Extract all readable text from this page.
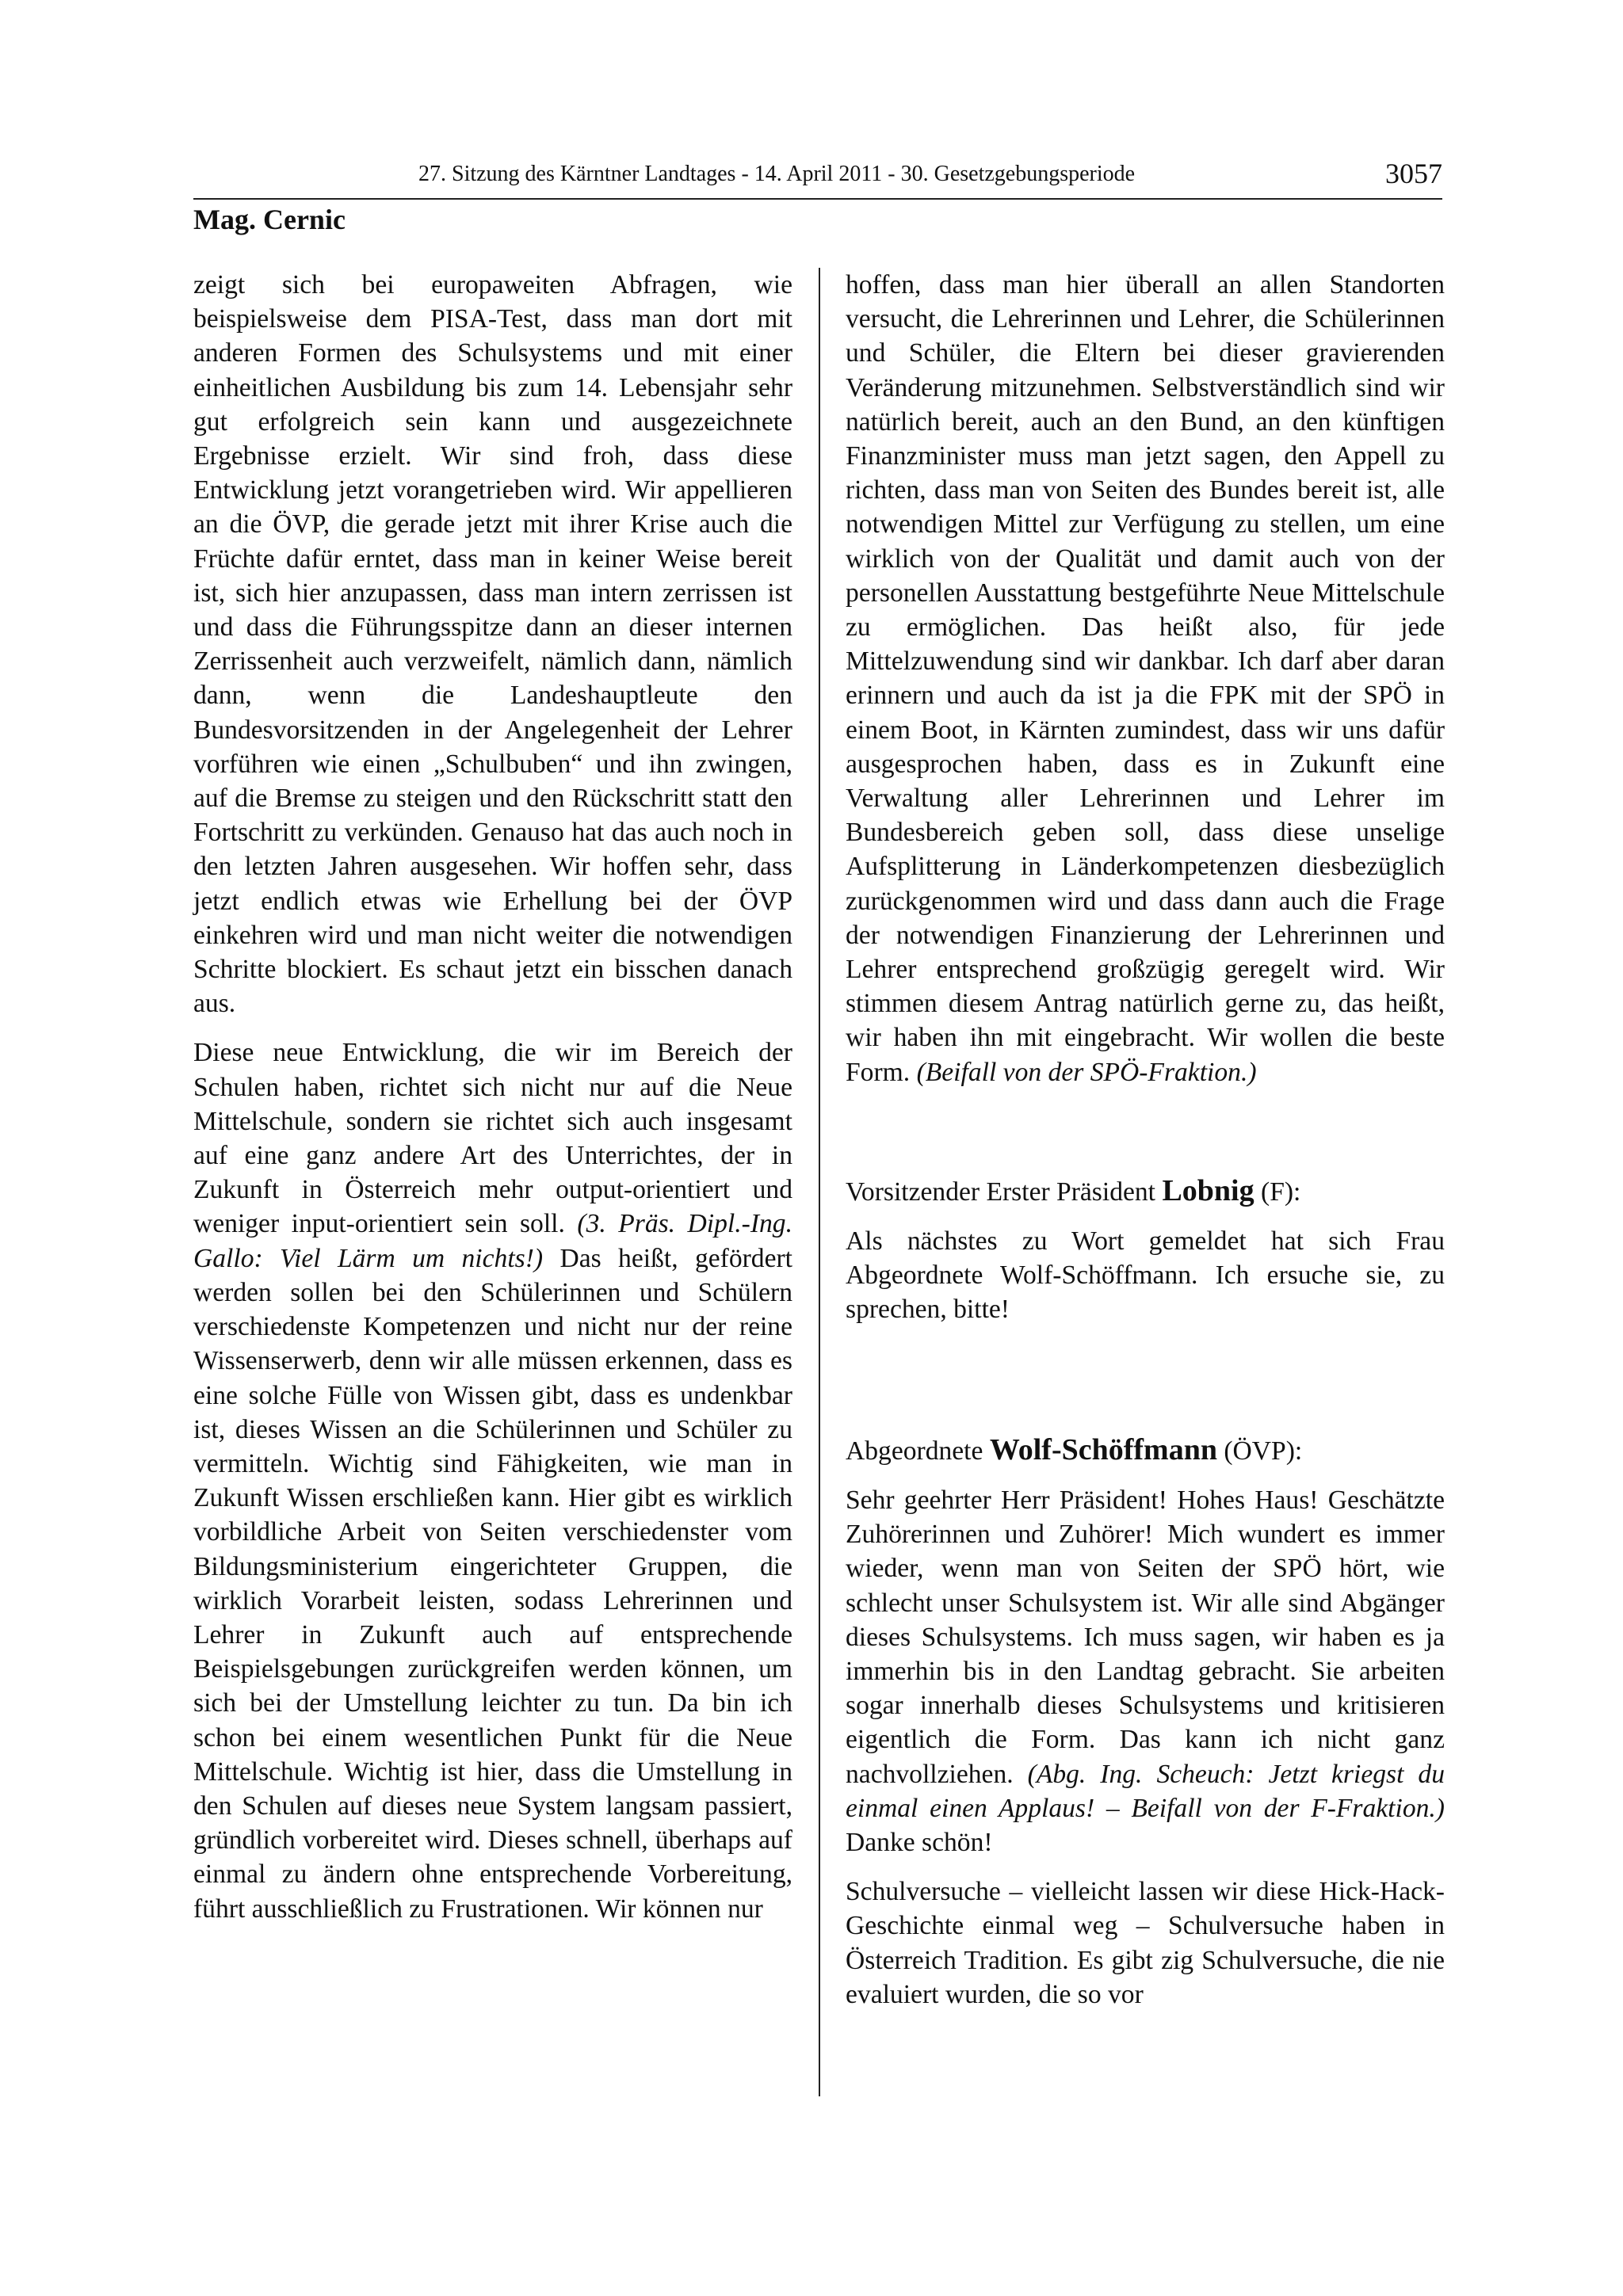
27. Sitzung des Kärntner Landtages - 14. April 2011 - 30. Gesetzgebungsperiode	3057
Mag. Cernic

zeigt sich bei europaweiten Abfragen, wie beispielsweise dem PISA-Test, dass man dort mit anderen Formen des Schulsystems und mit einer einheitlichen Ausbildung bis zum 14. Lebensjahr sehr gut erfolgreich sein kann und ausgezeichnete Ergebnisse erzielt. Wir sind froh, dass diese Entwicklung jetzt vorangetrieben wird. Wir appellieren an die ÖVP, die gerade jetzt mit ihrer Krise auch die Früchte dafür erntet, dass man in keiner Weise bereit ist, sich hier anzupassen, dass man intern zerrissen ist und dass die Führungsspitze dann an dieser internen Zerrissenheit auch verzweifelt, nämlich dann, nämlich dann, wenn die Landeshauptleute den Bundesvorsitzenden in der Angelegenheit der Lehrer vorführen wie einen „Schulbuben“ und ihn zwingen, auf die Bremse zu steigen und den Rückschritt statt den Fortschritt zu verkünden. Genauso hat das auch noch in den letzten Jahren ausgesehen. Wir hoffen sehr, dass jetzt endlich etwas wie Erhellung bei der ÖVP einkehren wird und man nicht weiter die notwendigen Schritte blockiert. Es schaut jetzt ein bisschen danach aus.

Diese neue Entwicklung, die wir im Bereich der Schulen haben, richtet sich nicht nur auf die Neue Mittelschule, sondern sie richtet sich auch insgesamt auf eine ganz andere Art des Unterrichtes, der in Zukunft in Österreich mehr output-orientiert und weniger input-orientiert sein soll. (3. Präs. Dipl.-Ing. Gallo: Viel Lärm um nichts!) Das heißt, gefördert werden sollen bei den Schülerinnen und Schülern verschiedenste Kompetenzen und nicht nur der reine Wissenserwerb, denn wir alle müssen erkennen, dass es eine solche Fülle von Wissen gibt, dass es undenkbar ist, dieses Wissen an die Schülerinnen und Schüler zu vermitteln. Wichtig sind Fähigkeiten, wie man in Zukunft Wissen erschließen kann. Hier gibt es wirklich vorbildliche Arbeit von Seiten verschiedenster vom Bildungsministerium eingerichteter Gruppen, die wirklich Vorarbeit leisten, sodass Lehrerinnen und Lehrer in Zukunft auch auf entsprechende Beispielsgebungen zurückgreifen werden können, um sich bei der Umstellung leichter zu tun. Da bin ich schon bei einem wesentlichen Punkt für die Neue Mittelschule. Wichtig ist hier, dass die Umstellung in den Schulen auf dieses neue System langsam passiert, gründlich vorbereitet wird. Dieses schnell, überhaps auf einmal zu ändern ohne entsprechende Vorbereitung, führt ausschließlich zu Frustrationen. Wir können nur

hoffen, dass man hier überall an allen Standorten versucht, die Lehrerinnen und Lehrer, die Schülerinnen und Schüler, die Eltern bei dieser gravierenden Veränderung mitzunehmen. Selbstverständlich sind wir natürlich bereit, auch an den Bund, an den künftigen Finanzminister muss man jetzt sagen, den Appell zu richten, dass man von Seiten des Bundes bereit ist, alle notwendigen Mittel zur Verfügung zu stellen, um eine wirklich von der Qualität und damit auch von der personellen Ausstattung bestgeführte Neue Mittelschule zu ermöglichen. Das heißt also, für jede Mittelzuwendung sind wir dankbar. Ich darf aber daran erinnern und auch da ist ja die FPK mit der SPÖ in einem Boot, in Kärnten zumindest, dass wir uns dafür ausgesprochen haben, dass es in Zukunft eine Verwaltung aller Lehrerinnen und Lehrer im Bundesbereich geben soll, dass diese unselige Aufsplitterung in Länderkompetenzen diesbezüglich zurückgenommen wird und dass dann auch die Frage der notwendigen Finanzierung der Lehrerinnen und Lehrer entsprechend großzügig geregelt wird. Wir stimmen diesem Antrag natürlich gerne zu, das heißt, wir haben ihn mit eingebracht. Wir wollen die beste Form. (Beifall von der SPÖ-Fraktion.)

Vorsitzender Erster Präsident Lobnig (F):

Als nächstes zu Wort gemeldet hat sich Frau Abgeordnete Wolf-Schöffmann. Ich ersuche sie, zu sprechen, bitte!

Abgeordnete Wolf-Schöffmann (ÖVP):

Sehr geehrter Herr Präsident! Hohes Haus! Geschätzte Zuhörerinnen und Zuhörer! Mich wundert es immer wieder, wenn man von Seiten der SPÖ hört, wie schlecht unser Schulsystem ist. Wir alle sind Abgänger dieses Schulsystems. Ich muss sagen, wir haben es ja immerhin bis in den Landtag gebracht. Sie arbeiten sogar innerhalb dieses Schulsystems und kritisieren eigentlich die Form. Das kann ich nicht ganz nachvollziehen. (Abg. Ing. Scheuch: Jetzt kriegst du einmal einen Applaus! – Beifall von der F-Fraktion.) Danke schön!

Schulversuche – vielleicht lassen wir diese Hick-Hack-Geschichte einmal weg – Schulversuche haben in Österreich Tradition. Es gibt zig Schulversuche, die nie evaluiert wurden, die so vor
